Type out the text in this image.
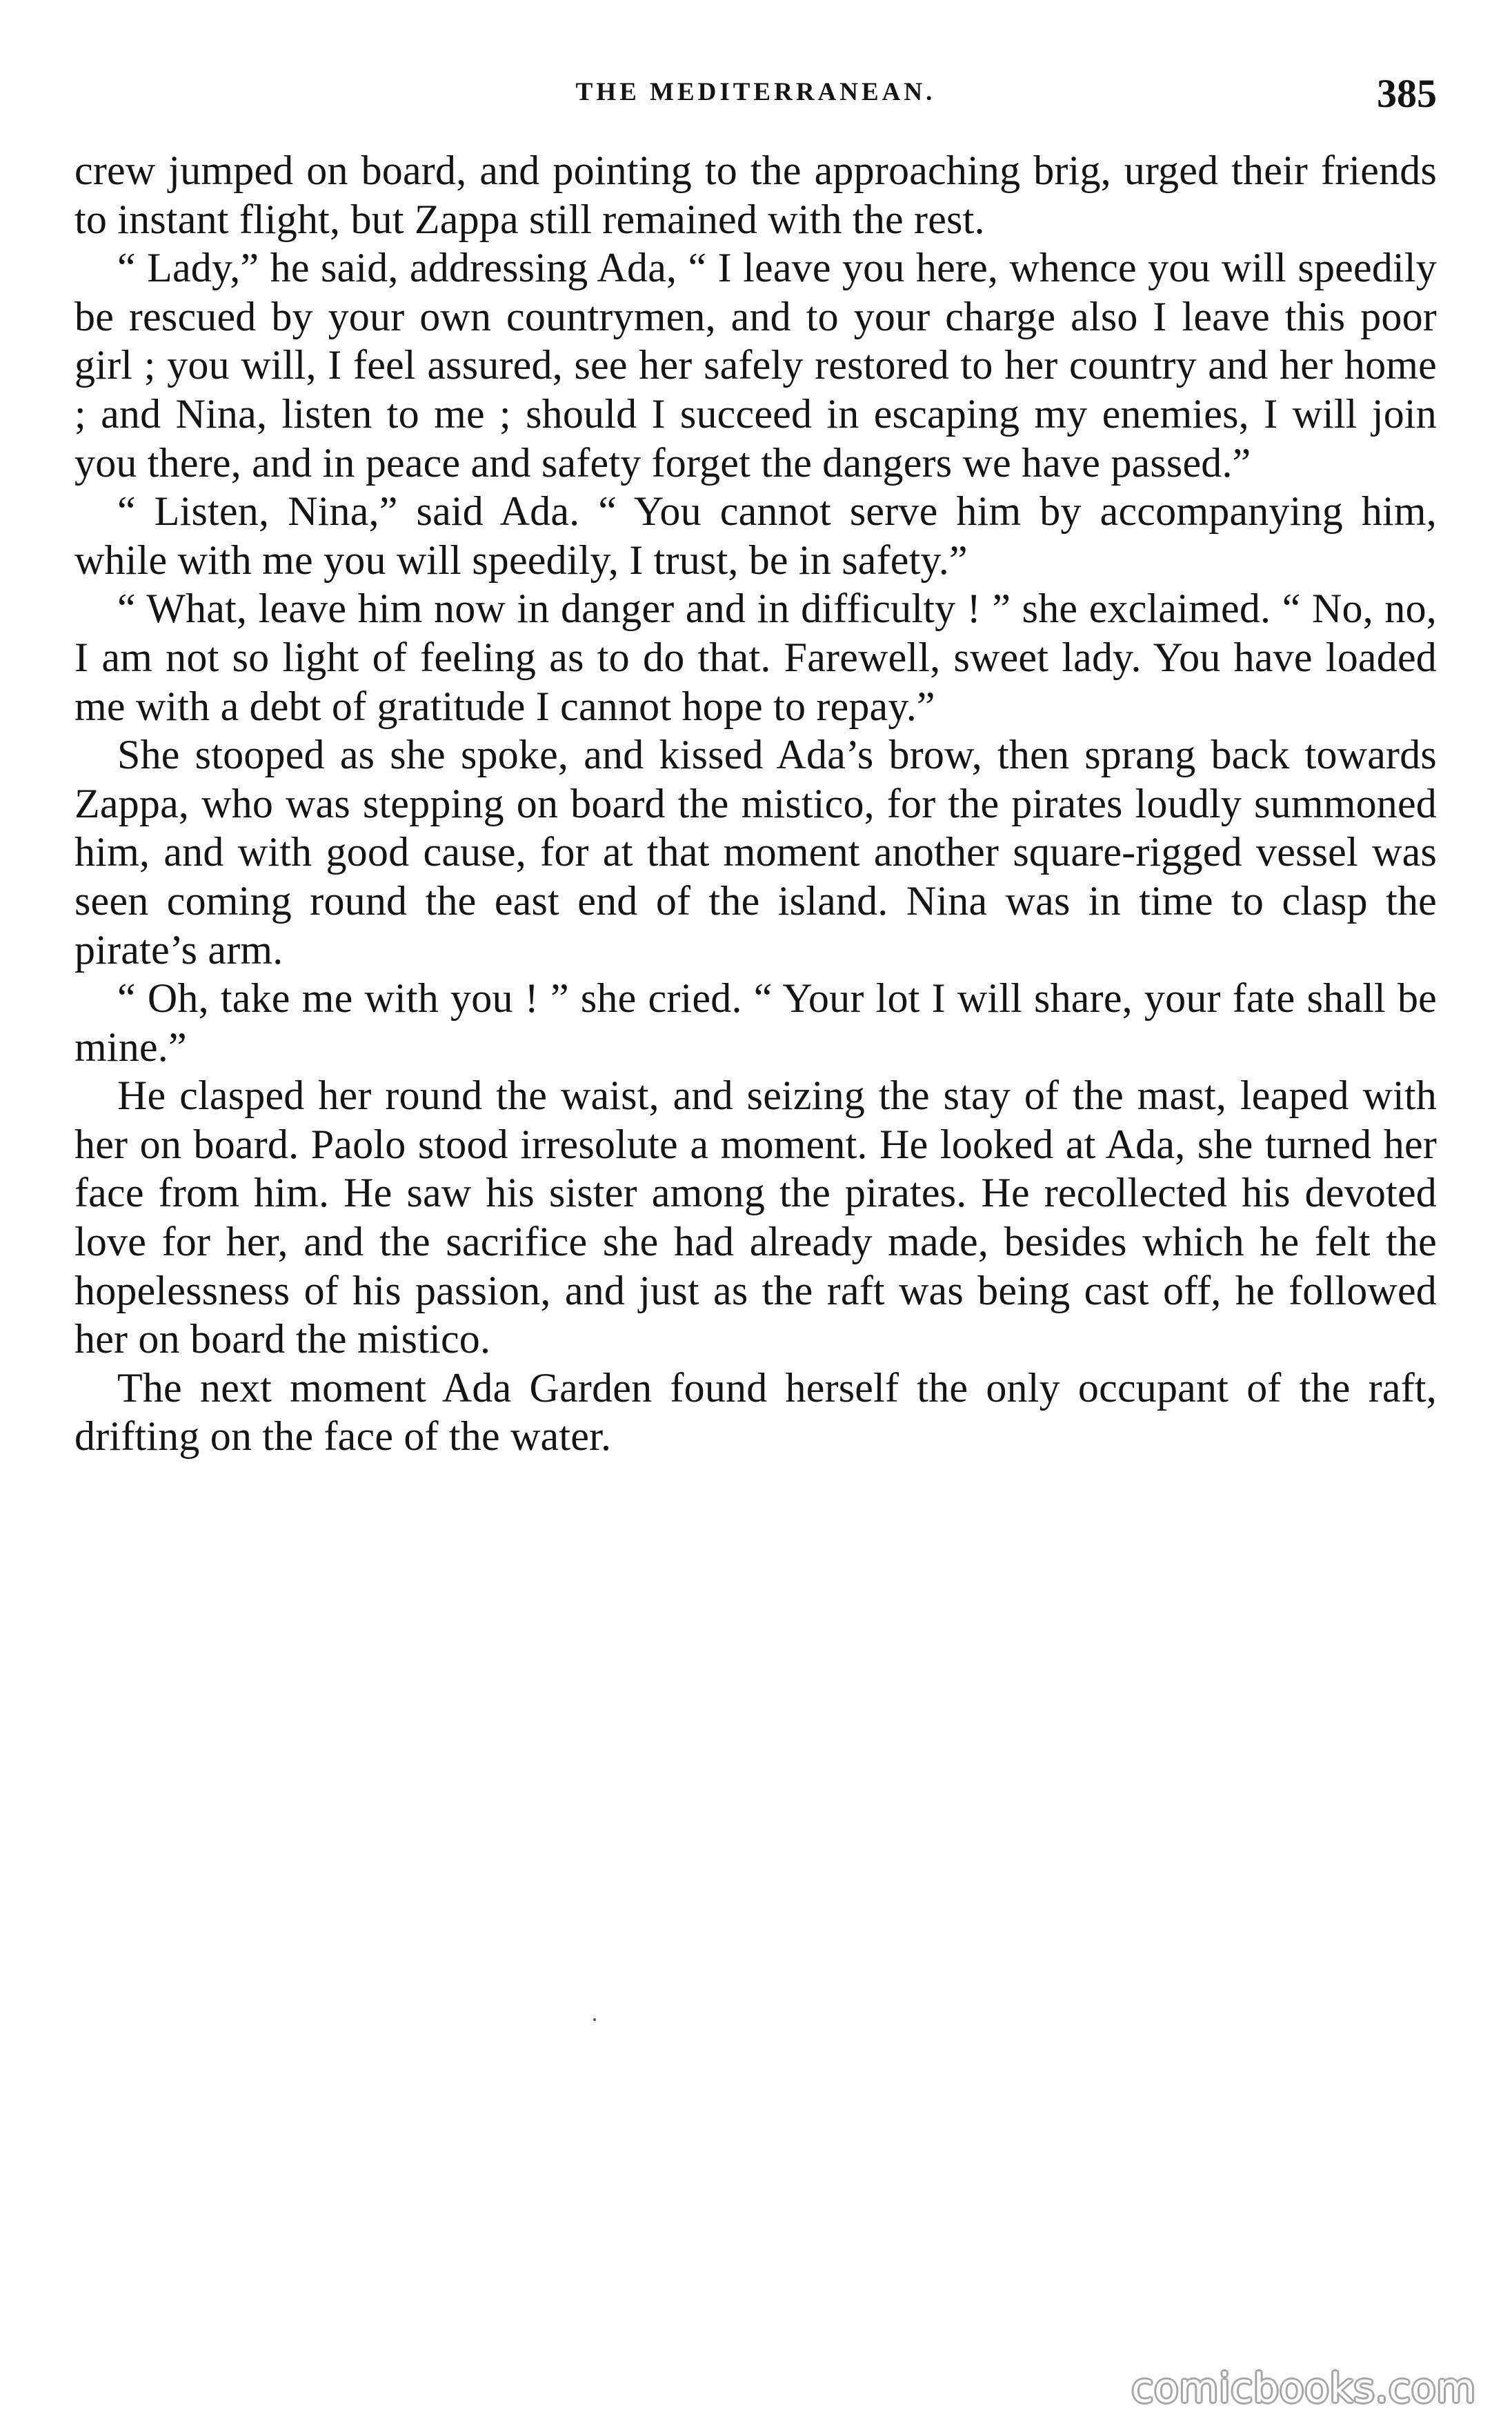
THE MEDITERRANEAN.	385

crew jumped on board, and pointing to the approaching brig, urged their friends to instant flight, but Zappa still remained with the rest.

“ Lady,” he said, addressing Ada, “ I leave you here, whence you will speedily be rescued by your own countrymen, and to your charge also I leave this poor girl ; you will, I feel assured, see her safely restored to her country and her home ; and Nina, listen to me ; should I succeed in escaping my enemies, I will join you there, and in peace and safety forget the dangers we have passed.”

“ Listen, Nina,” said Ada. “ You cannot serve him by accompanying him, while with me you will speedily, I trust, be in safety.”

“ What, leave him now in danger and in difficulty ! ” she exclaimed. “ No, no, I am not so light of feeling as to do that. Farewell, sweet lady. You have loaded me with a debt of gratitude I cannot hope to repay.”

She stooped as she spoke, and kissed Ada’s brow, then sprang back towards Zappa, who was stepping on board the mistico, for the pirates loudly summoned him, and with good cause, for at that moment another square-rigged vessel was seen coming round the east end of the island. Nina was in time to clasp the pirate’s arm.

“ Oh, take me with you ! ” she cried. “ Your lot I will share, your fate shall be mine.”

He clasped her round the waist, and seizing the stay of the mast, leaped with her on board. Paolo stood irresolute a moment. He looked at Ada, she turned her face from him. He saw his sister among the pirates. He recollected his devoted love for her, and the sacrifice she had already made, besides which he felt the hopelessness of his passion, and just as the raft was being cast off, he followed her on board the mistico.

The next moment Ada Garden found herself the only occupant of the raft, drifting on the face of the water.

comicbooks.com
